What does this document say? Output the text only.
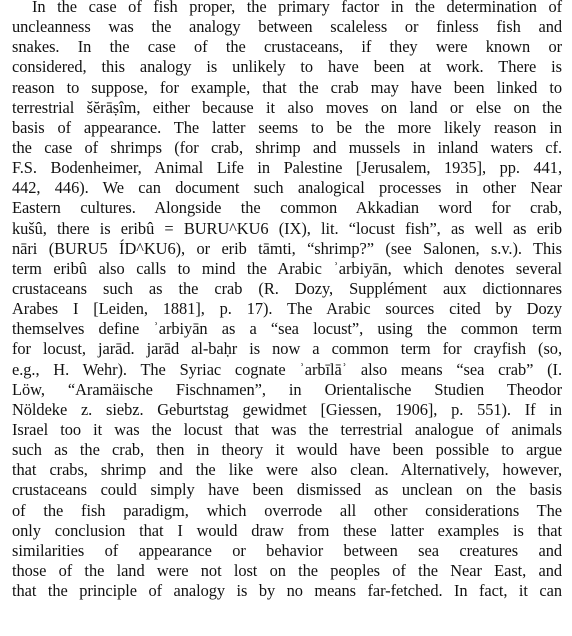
In the case of fish proper, the primary factor in the determination of
uncleanness was the analogy between scaleless or finless fish and
snakes. In the case of the crustaceans, if they were known or
considered, this analogy is unlikely to have been at work. There is
reason to suppose, for example, that the crab may have been linked to
terrestrial šĕrāṣîm, either because it also moves on land or else on the
basis of appearance. The latter seems to be the more likely reason in
the case of shrimps (for crab, shrimp and mussels in inland waters cf.
F.S. Bodenheimer, Animal Life in Palestine [Jerusalem, 1935], pp. 441,
442, 446). We can document such analogical processes in other Near
Eastern cultures. Alongside the common Akkadian word for crab,
kušû, there is eribû = BURU^KU6 (IX), lit. “locust fish”, as well as erib
nāri (BURU5 ÍD^KU6), or erib tāmti, “shrimp?” (see Salonen, s.v.). This
term eribû also calls to mind the Arabic ʾarbiyān, which denotes several
crustaceans such as the crab (R. Dozy, Supplément aux dictionnares
Arabes I [Leiden, 1881], p. 17). The Arabic sources cited by Dozy
themselves define ʾarbiyān as a “sea locust”, using the common term
for locust, jarād. jarād al-baḥr is now a common term for crayfish (so,
e.g., H. Wehr). The Syriac cognate ʾarbīlāʾ also means “sea crab” (I.
Löw, “Aramäische Fischnamen”, in Orientalische Studien Theodor
Nöldeke z. siebz. Geburtstag gewidmet [Giessen, 1906], p. 551). If in
Israel too it was the locust that was the terrestrial analogue of animals
such as the crab, then in theory it would have been possible to argue
that crabs, shrimp and the like were also clean. Alternatively, however,
crustaceans could simply have been dismissed as unclean on the basis
of the fish paradigm, which overrode all other considerations The
only conclusion that I would draw from these latter examples is that
similarities of appearance or behavior between sea creatures and
those of the land were not lost on the peoples of the Near East, and
that the principle of analogy is by no means far-fetched. In fact, it can
